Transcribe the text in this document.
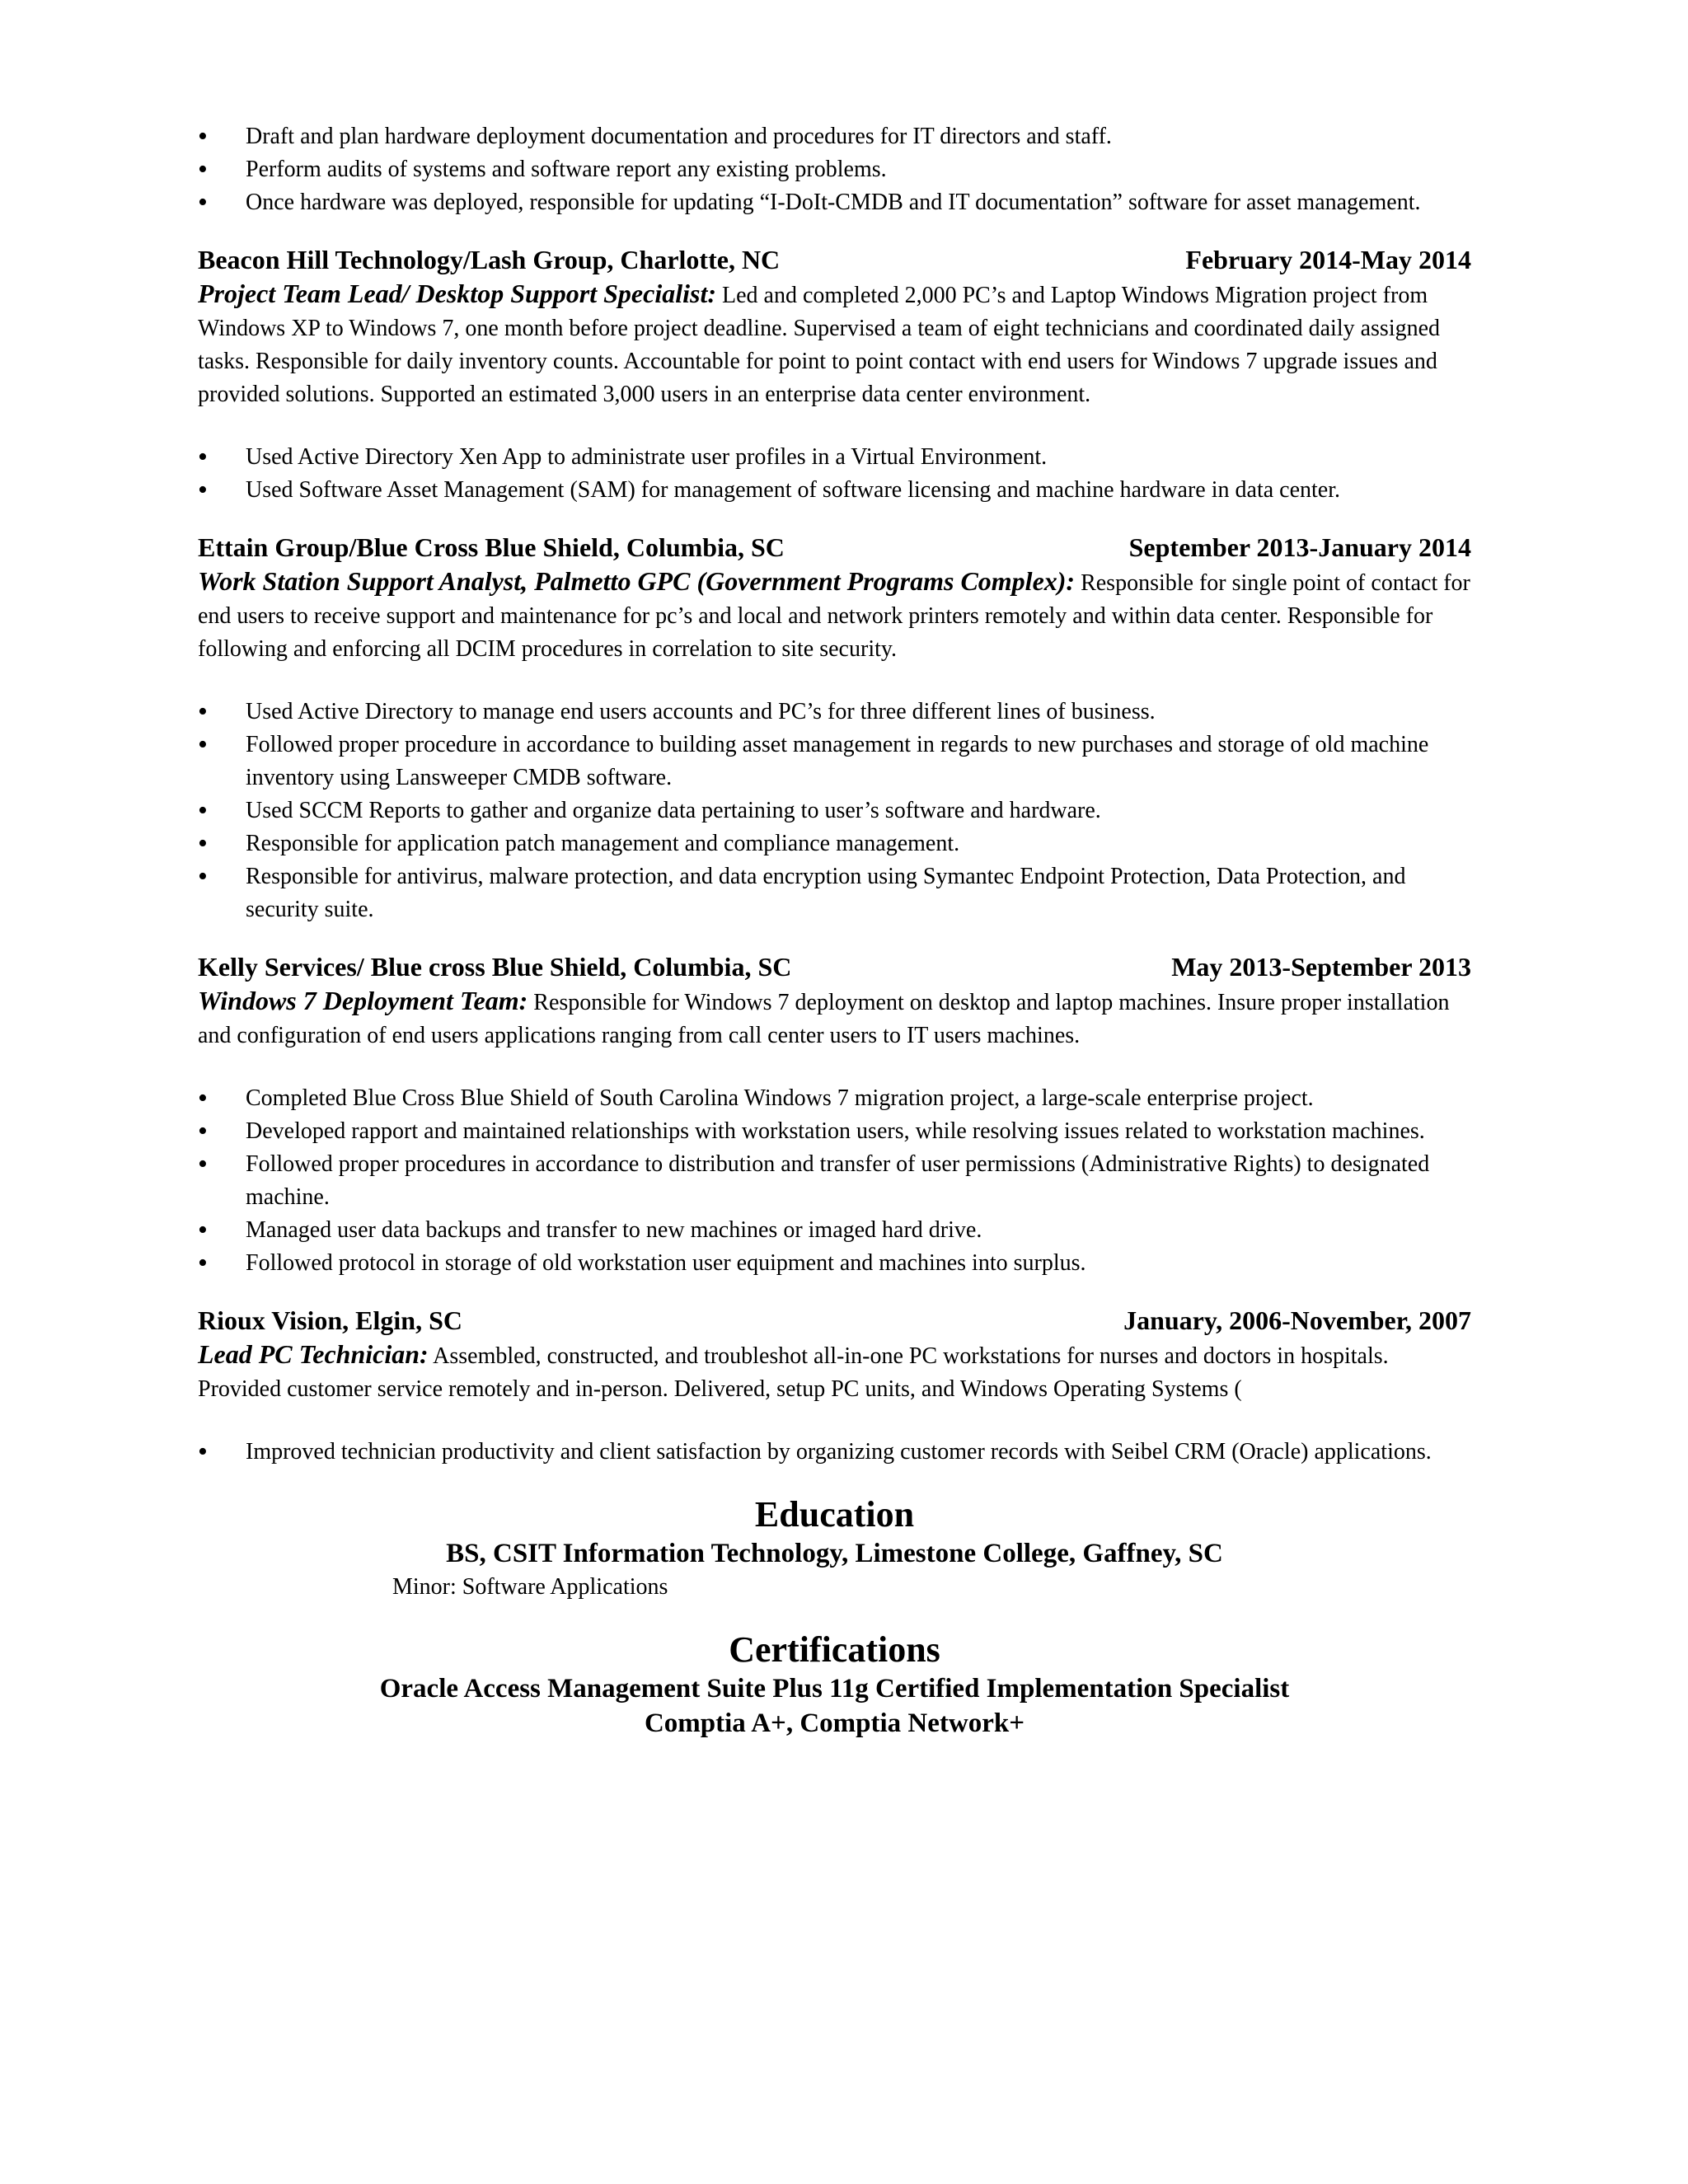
• Draft and plan hardware deployment documentation and procedures for IT directors and staff.
• Perform audits of systems and software report any existing problems.
• Once hardware was deployed, responsible for updating “I-DoIt-CMDB and IT documentation” software for asset management.
Beacon Hill Technology/Lash Group, Charlotte, NC	February 2014-May 2014
Project Team Lead/ Desktop Support Specialist: Led and completed 2,000 PC’s and Laptop Windows Migration project from Windows XP to Windows 7, one month before project deadline. Supervised a team of eight technicians and coordinated daily assigned tasks. Responsible for daily inventory counts. Accountable for point to point contact with end users for Windows 7 upgrade issues and provided solutions. Supported an estimated 3,000 users in an enterprise data center environment.
• Used Active Directory Xen App to administrate user profiles in a Virtual Environment.
• Used Software Asset Management (SAM) for management of software licensing and machine hardware in data center.
Ettain Group/Blue Cross Blue Shield, Columbia, SC	September 2013-January 2014
Work Station Support Analyst, Palmetto GPC (Government Programs Complex): Responsible for single point of contact for end users to receive support and maintenance for pc’s and local and network printers remotely and within data center. Responsible for following and enforcing all DCIM procedures in correlation to site security.
• Used Active Directory to manage end users accounts and PC’s for three different lines of business.
• Followed proper procedure in accordance to building asset management in regards to new purchases and storage of old machine inventory using Lansweeper CMDB software.
• Used SCCM Reports to gather and organize data pertaining to user’s software and hardware.
• Responsible for application patch management and compliance management.
• Responsible for antivirus, malware protection, and data encryption using Symantec Endpoint Protection, Data Protection, and security suite.
Kelly Services/ Blue cross Blue Shield, Columbia, SC	May 2013-September 2013
Windows 7 Deployment Team: Responsible for Windows 7 deployment on desktop and laptop machines. Insure proper installation and configuration of end users applications ranging from call center users to IT users machines.
• Completed Blue Cross Blue Shield of South Carolina Windows 7 migration project, a large-scale enterprise project.
• Developed rapport and maintained relationships with workstation users, while resolving issues related to workstation machines.
• Followed proper procedures in accordance to distribution and transfer of user permissions (Administrative Rights) to designated machine.
• Managed user data backups and transfer to new machines or imaged hard drive.
• Followed protocol in storage of old workstation user equipment and machines into surplus.
Rioux Vision, Elgin, SC	January, 2006-November, 2007
Lead PC Technician: Assembled, constructed, and troubleshot all-in-one PC workstations for nurses and doctors in hospitals. Provided customer service remotely and in-person. Delivered, setup PC units, and Windows Operating Systems (
• Improved technician productivity and client satisfaction by organizing customer records with Seibel CRM (Oracle) applications.
Education
BS, CSIT Information Technology, Limestone College, Gaffney, SC
Minor: Software Applications
Certifications
Oracle Access Management Suite Plus 11g Certified Implementation Specialist
Comptia A+, Comptia Network+
